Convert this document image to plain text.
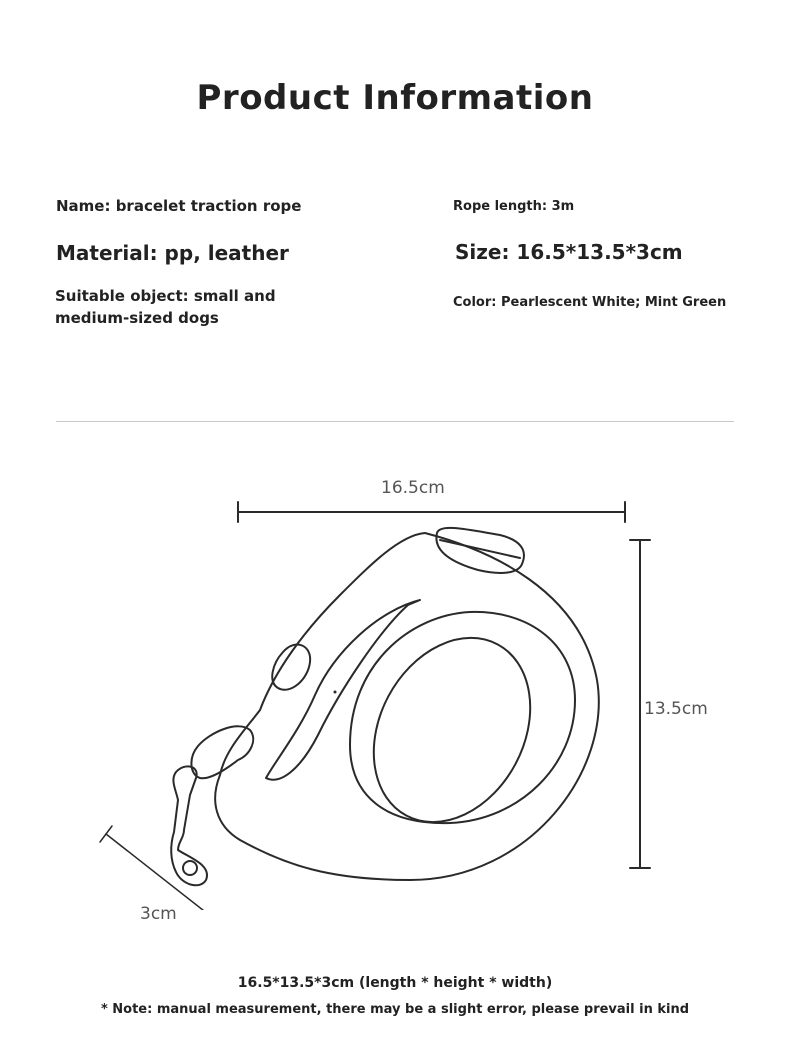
Product Information
Name: bracelet traction rope	Rope length: 3m
Material: pp, leather	Size: 16.5*13.5*3cm
Suitable object: small and
medium-sized dogs
Color: Pearlescent White; Mint Green
16.5cm
13.5cm
3cm
16.5*13.5*3cm (length * height * width)
* Note: manual measurement, there may be a slight error, please prevail in kind
